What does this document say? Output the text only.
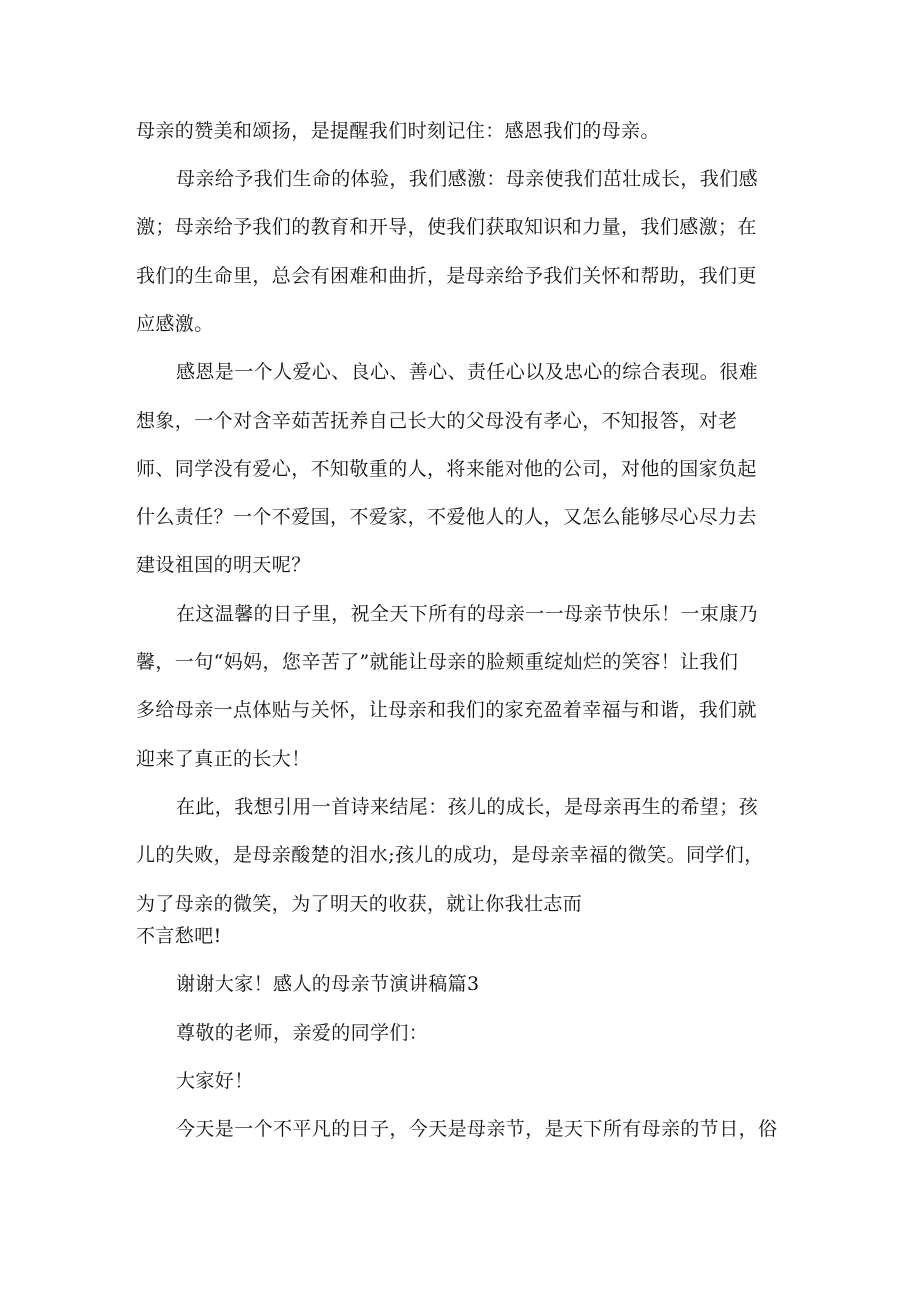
母亲的赞美和颂扬，是提醒我们时刻记住：感恩我们的母亲。
母亲给予我们生命的体验，我们感激：母亲使我们茁壮成长，我们感
激；母亲给予我们的教育和开导，使我们获取知识和力量，我们感激；在
我们的生命里，总会有困难和曲折，是母亲给予我们关怀和帮助，我们更
应感激。
感恩是一个人爱心、良心、善心、责任心以及忠心的综合表现。很难
想象，一个对含辛茹苦抚养自己长大的父母没有孝心，不知报答，对老
师、同学没有爱心，不知敬重的人，将来能对他的公司，对他的国家负起
什么责任？一个不爱国，不爱家，不爱他人的人，又怎么能够尽心尽力去
建设祖国的明天呢？
在这温馨的日子里，祝全天下所有的母亲一一母亲节快乐！一束康乃
馨，一句“妈妈，您辛苦了”就能让母亲的脸颊重绽灿烂的笑容！让我们
多给母亲一点体贴与关怀，让母亲和我们的家充盈着幸福与和谐，我们就
迎来了真正的长大！
在此，我想引用一首诗来结尾：孩儿的成长，是母亲再生的希望；孩
儿的失败，是母亲酸楚的泪水;孩儿的成功，是母亲幸福的微笑。同学们，
为了母亲的微笑，为了明天的收获，就让你我壮志而
不言愁吧!
谢谢大家！感人的母亲节演讲稿篇3
尊敬的老师，亲爱的同学们：
大家好！
今天是一个不平凡的日子，今天是母亲节，是天下所有母亲的节日，俗
